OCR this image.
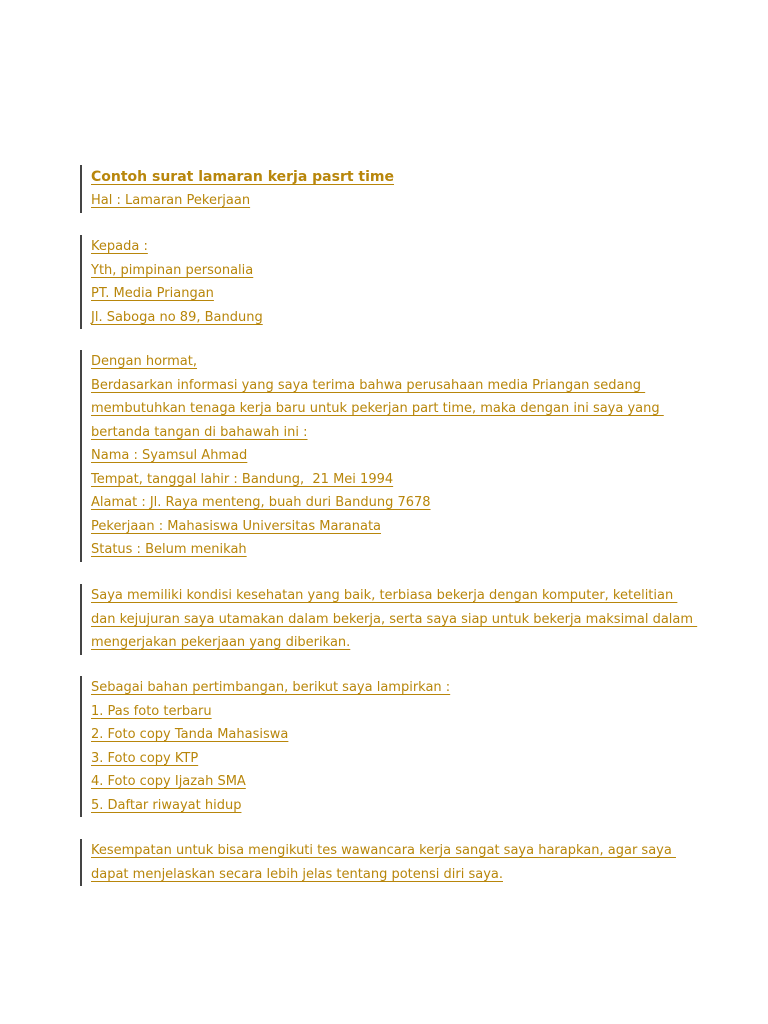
Contoh surat lamaran kerja pasrt time
Hal : Lamaran Pekerjaan
Kepada :
Yth, pimpinan personalia
PT. Media Priangan
Jl. Saboga no 89, Bandung
Dengan hormat,
Berdasarkan informasi yang saya terima bahwa perusahaan media Priangan sedang
membutuhkan tenaga kerja baru untuk pekerjan part time, maka dengan ini saya yang
bertanda tangan di bahawah ini :
Nama : Syamsul Ahmad
Tempat, tanggal lahir : Bandung,  21 Mei 1994
Alamat : Jl. Raya menteng, buah duri Bandung 7678
Pekerjaan : Mahasiswa Universitas Maranata
Status : Belum menikah
Saya memiliki kondisi kesehatan yang baik, terbiasa bekerja dengan komputer, ketelitian
dan kejujuran saya utamakan dalam bekerja, serta saya siap untuk bekerja maksimal dalam
mengerjakan pekerjaan yang diberikan.
Sebagai bahan pertimbangan, berikut saya lampirkan :
1. Pas foto terbaru
2. Foto copy Tanda Mahasiswa
3. Foto copy KTP
4. Foto copy Ijazah SMA
5. Daftar riwayat hidup
Kesempatan untuk bisa mengikuti tes wawancara kerja sangat saya harapkan, agar saya
dapat menjelaskan secara lebih jelas tentang potensi diri saya.
